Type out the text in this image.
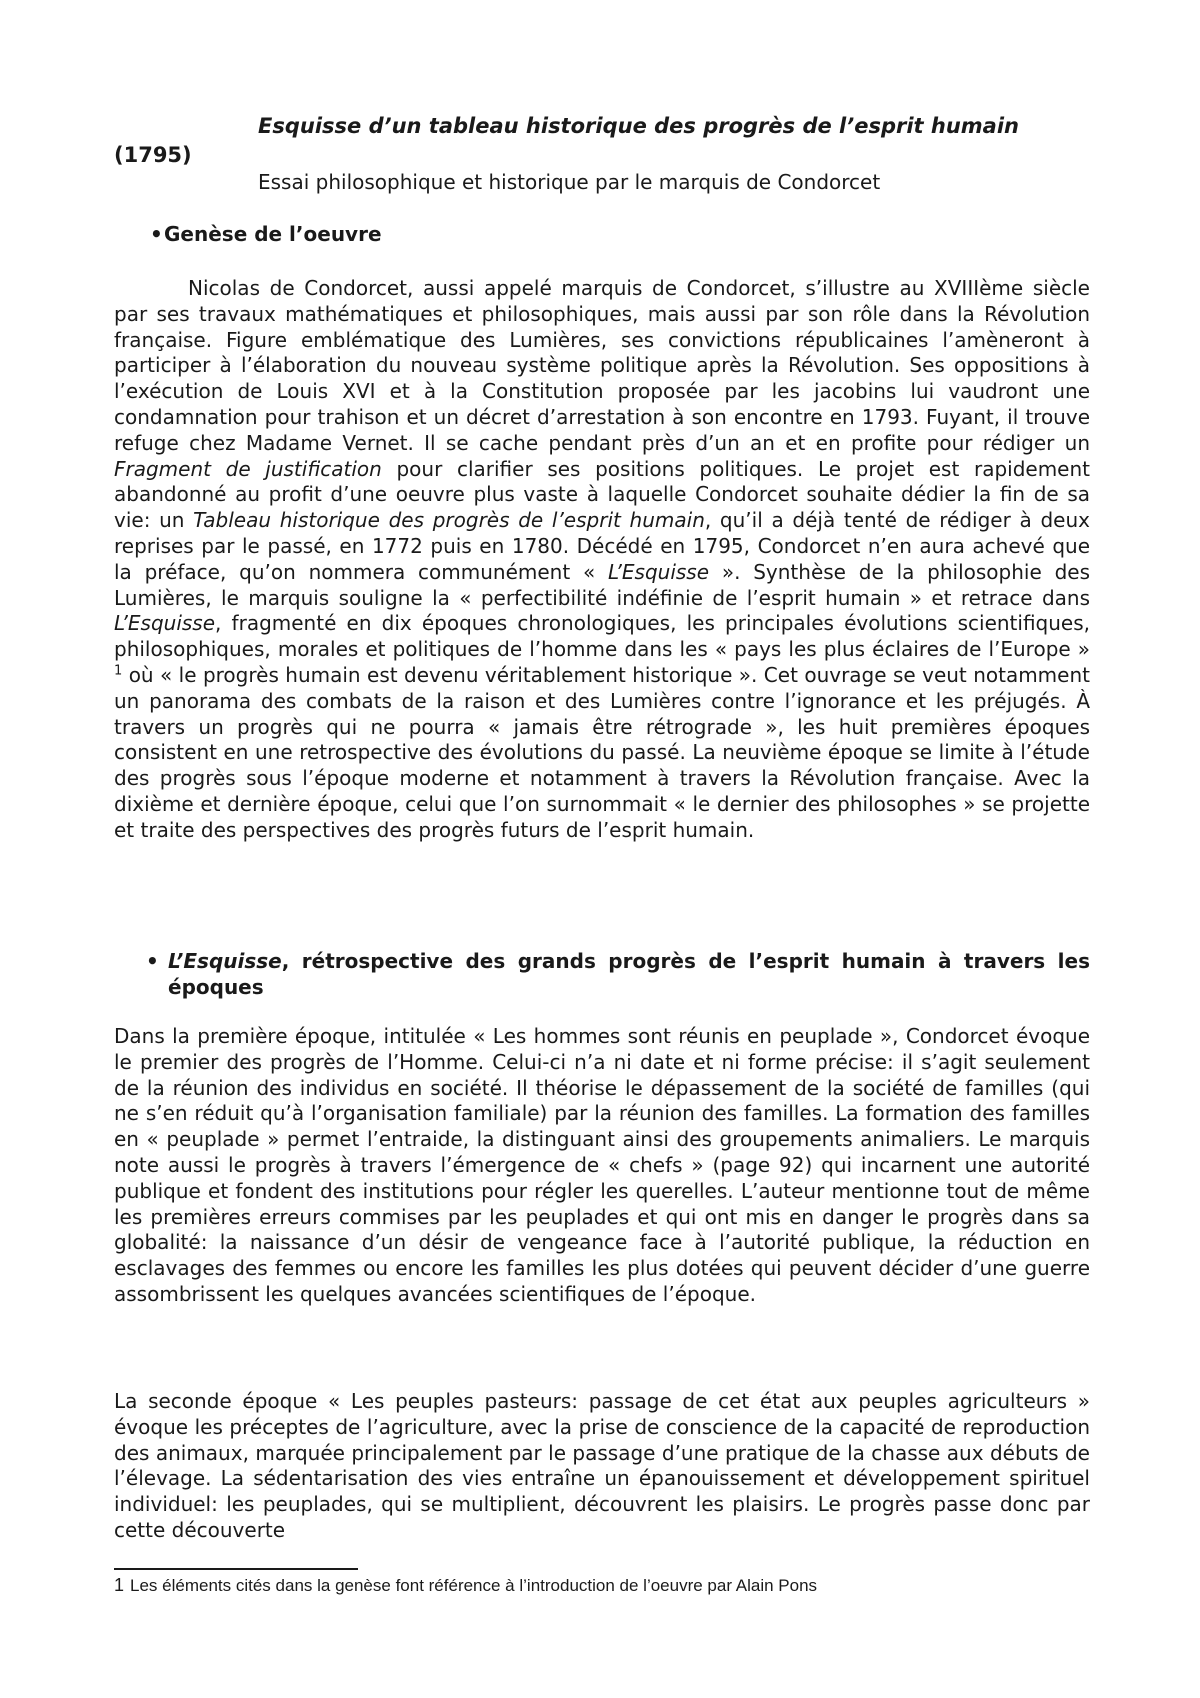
Esquisse d’un tableau historique des progrès de l’esprit humain
(1795)
Essai philosophique et historique par le marquis de Condorcet
•Genèse de l’oeuvre

Nicolas de Condorcet, aussi appelé marquis de Condorcet, s’illustre au XVIIIème siècle par ses travaux mathématiques et philosophiques, mais aussi par son rôle dans la Révolution française. Figure emblématique des Lumières, ses convictions républicaines l’amèneront à participer à l’élaboration du nouveau système politique après la Révolution. Ses oppositions à l’exécution de Louis XVI et à la Constitution proposée par les jacobins lui vaudront une condamnation pour trahison et un décret d’arrestation à son encontre en 1793. Fuyant, il trouve refuge chez Madame Vernet. Il se cache pendant près d’un an et en profite pour rédiger un Fragment de justification pour clarifier ses positions politiques. Le projet est rapidement abandonné au profit d’une oeuvre plus vaste à laquelle Condorcet souhaite dédier la fin de sa vie: un Tableau historique des progrès de l’esprit humain, qu’il a déjà tenté de rédiger à deux reprises par le passé, en 1772 puis en 1780. Décédé en 1795, Condorcet n’en aura achevé que la préface, qu’on nommera communément « L’Esquisse ». Synthèse de la philosophie des Lumières, le marquis souligne la « perfectibilité indéfinie de l’esprit humain » et retrace dans L’Esquisse, fragmenté en dix époques chronologiques, les principales évolutions scientifiques, philosophiques, morales et politiques de l’homme dans les « pays les plus éclaires de l’Europe » $^1$ où « le progrès humain est devenu véritablement historique ». Cet ouvrage se veut notamment un panorama des combats de la raison et des Lumières contre l’ignorance et les préjugés. À travers un progrès qui ne pourra « jamais être rétrograde », les huit premières époques consistent en une retrospective des évolutions du passé. La neuvième époque se limite à l’étude des progrès sous l’époque moderne et notamment à travers la Révolution française. Avec la dixième et dernière époque, celui que l’on surnommait « le dernier des philosophes » se projette et traite des perspectives des progrès futurs de l’esprit humain.

• L’Esquisse, rétrospective des grands progrès de l’esprit humain à travers les époques

Dans la première époque, intitulée « Les hommes sont réunis en peuplade », Condorcet évoque le premier des progrès de l’Homme. Celui-ci n’a ni date et ni forme précise: il s’agit seulement de la réunion des individus en société. Il théorise le dépassement de la société de familles (qui ne s’en réduit qu’à l’organisation familiale) par la réunion des familles. La formation des familles en « peuplade » permet l’entraide, la distinguant ainsi des groupements animaliers. Le marquis note aussi le progrès à travers l’émergence de « chefs » (page 92) qui incarnent une autorité publique et fondent des institutions pour régler les querelles. L’auteur mentionne tout de même les premières erreurs commises par les peuplades et qui ont mis en danger le progrès dans sa globalité: la naissance d’un désir de vengeance face à l’autorité publique, la réduction en esclavages des femmes ou encore les familles les plus dotées qui peuvent décider d’une guerre assombrissent les quelques avancées scientifiques de l’époque.

La seconde époque « Les peuples pasteurs: passage de cet état aux peuples agriculteurs » évoque les préceptes de l’agriculture, avec la prise de conscience de la capacité de reproduction des animaux, marquée principalement par le passage d’une pratique de la chasse aux débuts de l’élevage. La sédentarisation des vies entraîne un épanouissement et développement spirituel individuel: les peuplades, qui se multiplient, découvrent les plaisirs. Le progrès passe donc par cette découverte

1 Les éléments cités dans la genèse font référence à l’introduction de l’oeuvre par Alain Pons
